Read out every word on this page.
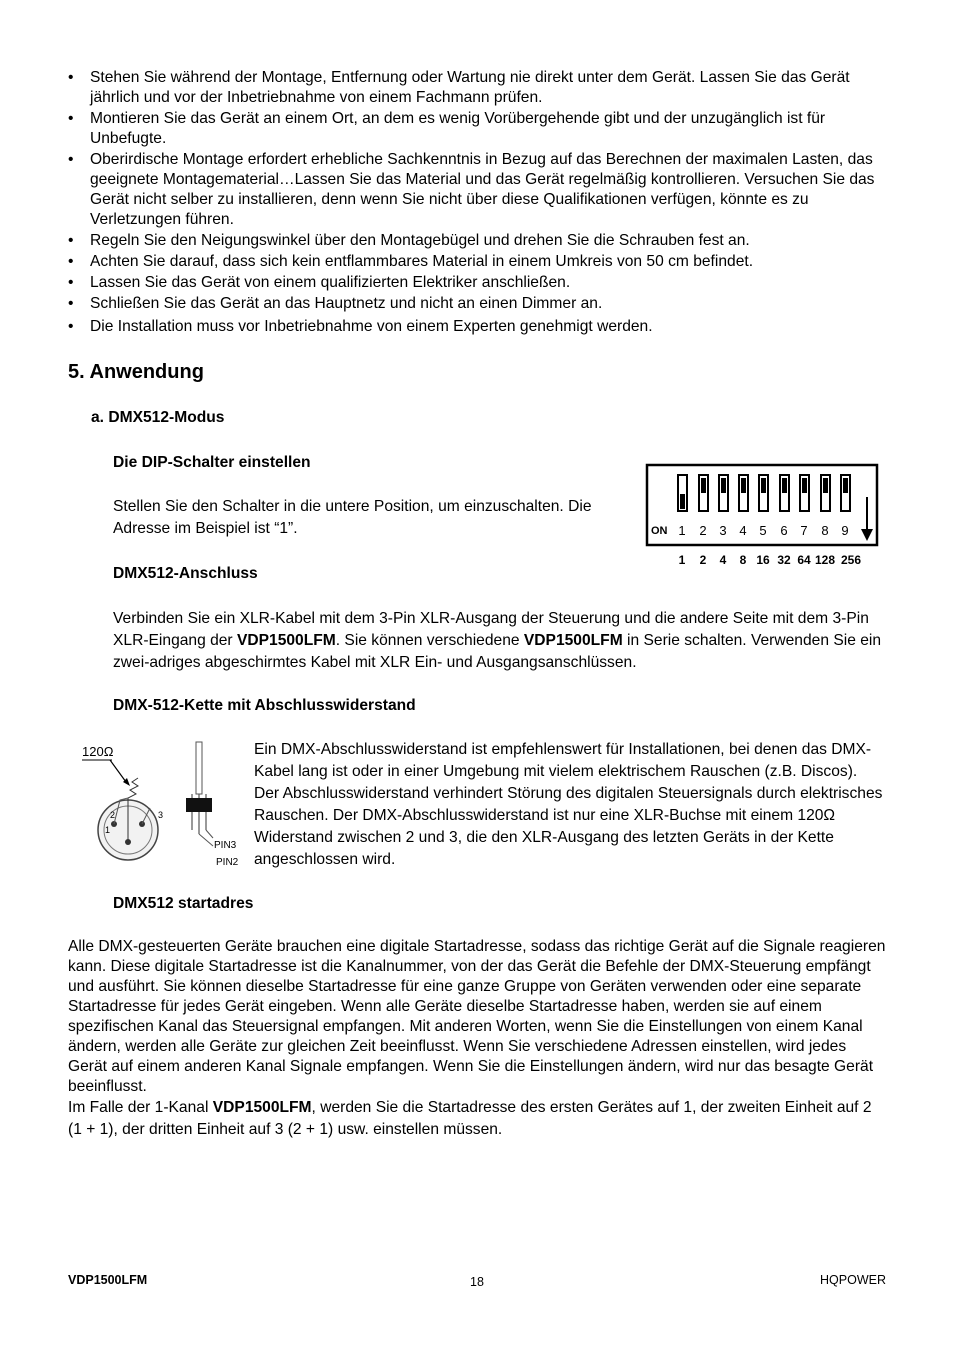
• Stehen Sie während der Montage, Entfernung oder Wartung nie direkt unter dem Gerät. Lassen Sie das Gerät jährlich und vor der Inbetriebnahme von einem Fachmann prüfen.
• Montieren Sie das Gerät an einem Ort, an dem es wenig Vorübergehende gibt und der unzugänglich ist für Unbefugte.
• Oberirdische Montage erfordert erhebliche Sachkenntnis in Bezug auf das Berechnen der maximalen Lasten, das geeignete Montagematerial…Lassen Sie das Material und das Gerät regelmäßig kontrollieren. Versuchen Sie das Gerät nicht selber zu installieren, denn wenn Sie nicht über diese Qualifikationen verfügen, könnte es zu Verletzungen führen.
• Regeln Sie den Neigungswinkel über den Montagebügel und drehen Sie die Schrauben fest an.
• Achten Sie darauf, dass sich kein entflammbares Material in einem Umkreis von 50 cm befindet.
• Lassen Sie das Gerät von einem qualifizierten Elektriker anschließen.
• Schließen Sie das Gerät an das Hauptnetz und nicht an einen Dimmer an.
• Die Installation muss vor Inbetriebnahme von einem Experten genehmigt werden.
5. Anwendung
a. DMX512-Modus
Die DIP-Schalter einstellen

Stellen Sie den Schalter in die untere Position, um einzuschalten. Die Adresse im Beispiel ist “1”.	ON 1 2 3 4 5 6 7 8 9
1 2 4 8 16 32 64 128 256
DMX512-Anschluss

Verbinden Sie ein XLR-Kabel mit dem 3-Pin XLR-Ausgang der Steuerung und die andere Seite mit dem 3-Pin XLR-Eingang der VDP1500LFM. Sie können verschiedene VDP1500LFM in Serie schalten. Verwenden Sie ein zwei-adriges abgeschirmtes Kabel mit XLR Ein- und Ausgangsanschlüssen.

DMX-512-Kette mit Abschlusswiderstand
120Ω
2
1
3
PIN3
PIN2

Ein DMX-Abschlusswiderstand ist empfehlenswert für Installationen, bei denen das DMX-Kabel lang ist oder in einer Umgebung mit vielem elektrischem Rauschen (z.B. Discos). Der Abschlusswiderstand verhindert Störung des digitalen Steuersignals durch elektrisches Rauschen. Der DMX-Abschlusswiderstand ist nur eine XLR-Buchse mit einem 120Ω Widerstand zwischen 2 und 3, die den XLR-Ausgang des letzten Geräts in der Kette angeschlossen wird.

DMX512 startadres

Alle DMX-gesteuerten Geräte brauchen eine digitale Startadresse, sodass das richtige Gerät auf die Signale reagieren kann. Diese digitale Startadresse ist die Kanalnummer, von der das Gerät die Befehle der DMX-Steuerung empfängt und ausführt. Sie können dieselbe Startadresse für eine ganze Gruppe von Geräten verwenden oder eine separate Startadresse für jedes Gerät eingeben. Wenn alle Geräte dieselbe Startadresse haben, werden sie auf einem spezifischen Kanal das Steuersignal empfangen. Mit anderen Worten, wenn Sie die Einstellungen von einem Kanal ändern, werden alle Geräte zur gleichen Zeit beeinflusst. Wenn Sie verschiedene Adressen einstellen, wird jedes Gerät auf einem anderen Kanal Signale empfangen. Wenn Sie die Einstellungen ändern, wird nur das besagte Gerät beeinflusst.

Im Falle der 1-Kanal VDP1500LFM, werden Sie die Startadresse des ersten Gerätes auf 1, der zweiten Einheit auf 2 (1 + 1), der dritten Einheit auf 3 (2 + 1) usw. einstellen müssen.

VDP1500LFM	18	HQPOWER
